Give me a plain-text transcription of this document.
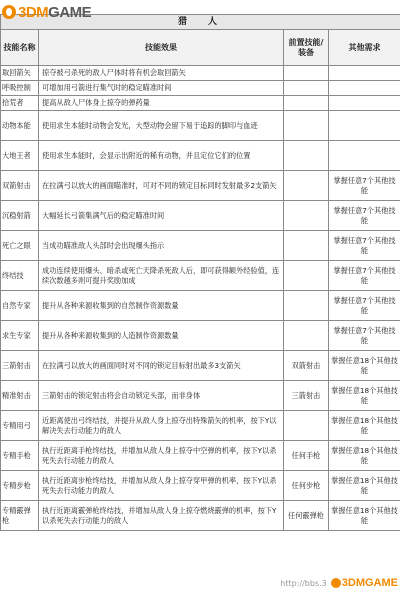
3DMGAME
猎　人			
技能名称	技能效果	前置技能/装备	其他需求
取回箭矢	掠夺被弓杀死的敌人尸体时将有机会取回箭矢		
呼吸控制	可增加用弓箭进行集气时的稳定瞄准时间		
拾荒者	提高从敌人尸体身上掠夺的弹药量		
动物本能	使用求生本能时动物会发光，大型动物会留下易于追踪的脚印与血迹		
大地王者	使用求生本能时，会显示出附近的稀有动物，并且定位它们的位置		
双箭射击	在拉满弓以放大的画面瞄准时，可对不同的锁定目标同时发射最多2支箭矢		掌握任意7个其他技能
沉稳射箭	大幅延长弓箭集满气后的稳定瞄准时间		掌握任意7个其他技能
死亡之眼	当成功瞄准敌人头部时会出现爆头指示		掌握任意7个其他技能
终结技	成功连续使用爆头、暗杀或死亡天降杀死敌人后，即可获得额外经验值，连续次数越多则可提升奖励加成		掌握任意7个其他技能
自然专家	提升从各种来源收集到的自然制作资源数量		掌握任意7个其他技能
求生专家	提升从各种来源收集到的人造制作资源数量		掌握任意7个其他技能
三箭射击	在拉满弓以放大的画面同时对不同的锁定目标射出最多3支箭矢	双箭射击	掌握任意18个其他技能
精准射击	三箭射击的锁定射击将会自动锁定头部，而非身体	三箭射击	掌握任意18个其他技能
专精用弓	近距离使出弓终结技，并提升从敌人身上掠夺出特殊箭矢的机率，按下Y以解决失去行动能力的敌人		掌握任意18个其他技能
专精手枪	执行近距离手枪终结技，并增加从敌人身上掠夺中空弹的机率，按下Y以杀死失去行动能力的敌人	任何手枪	掌握任意18个其他技能
专精步枪	执行近距离步枪终结技，并增加从敌人身上掠夺穿甲弹的机率，按下Y以杀死失去行动能力的敌人	任何步枪	掌握任意18个其他技能
专精霰弹枪	执行近距离霰弹枪终结技，并增加从敌人身上掠夺燃烧霰弹的机率，按下Y以杀死失去行动能力的敌人	任何霰弹枪	掌握任意18个其他技能
http://bbs.3 3DMGAME
